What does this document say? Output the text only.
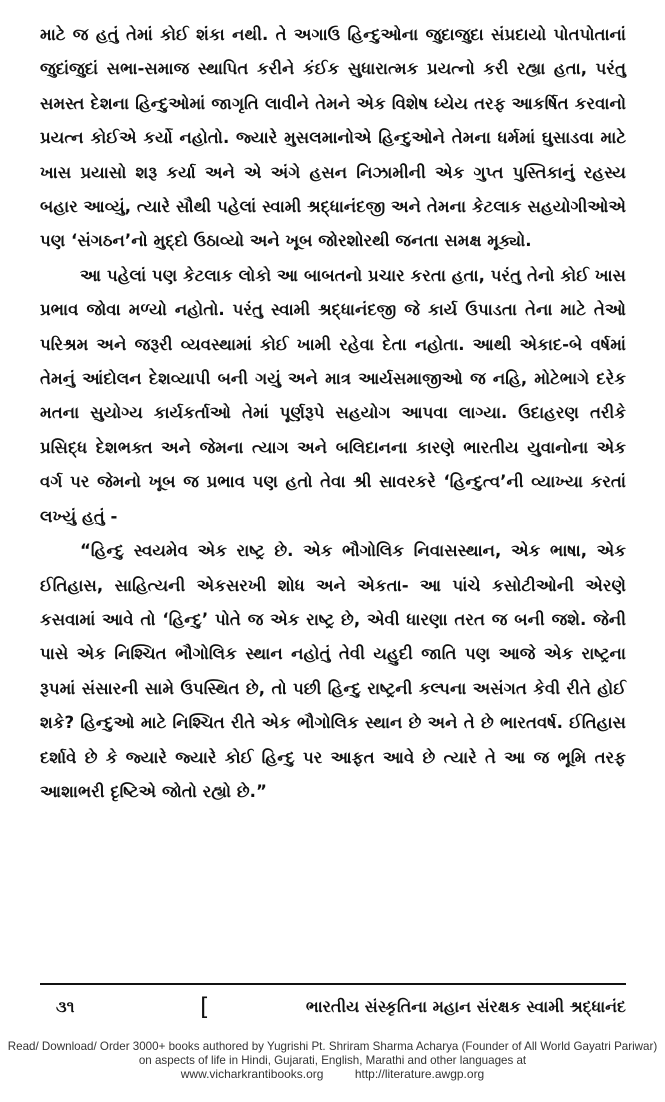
માટે જ હતું તેમાં કોઈ શંકા નથી. તે અગાઉ હિન્દુઓના જુદાજુદા સંપ્રદાયો પોતપોતાનાં જુદાંજુદાં સભા-સમાજ સ્થાપિત કરીને કંઈક સુધારાત્મક પ્રયત્નો કરી રહ્યા હતા, પરંતુ સમસ્ત દેશના હિન્દુઓમાં જાગૃતિ લાવીને તેમને એક વિશેષ ધ્યેય તરફ આકર્ષિત કરવાનો પ્રયત્ન કોઈએ કર્યો નહોતો. જ્યારે મુસલમાનોએ હિન્દુઓને તેમના ધર્મમાં ઘુસાડવા માટે ખાસ પ્રયાસો શરૂ કર્યા અને એ અંગે હસન નિઝામીની એક ગુપ્ત પુસ્તિકાનું રહસ્ય બહાર આવ્યું, ત્યારે સૌથી પહેલાં સ્વામી શ્રદ્ધાનંદજી અને તેમના કેટલાક સહયોગીઓએ પણ ‘સંગઠન’નો મુદ્દો ઉઠાવ્યો અને ખૂબ જોરશોરથી જનતા સમક્ષ મૂક્યો.

આ પહેલાં પણ કેટલાક લોકો આ બાબતનો પ્રચાર કરતા હતા, પરંતુ તેનો કોઈ ખાસ પ્રભાવ જોવા મળ્યો નહોતો. પરંતુ સ્વામી શ્રદ્ધાનંદજી જે કાર્ય ઉપાડતા તેના માટે તેઓ પરિશ્રમ અને જરૂરી વ્યવસ્થામાં કોઈ ખામી રહેવા દેતા નહોતા. આથી એકાદ-બે વર્ષમાં તેમનું આંદોલન દેશવ્યાપી બની ગયું અને માત્ર આર્યસમાજીઓ જ નહિ, મોટેભાગે દરેક મતના સુયોગ્ય કાર્યકર્તાઓ તેમાં પૂર્ણરૂપે સહયોગ આપવા લાગ્યા. ઉદાહરણ તરીકે પ્રસિદ્ધ દેશભક્ત અને જેમના ત્યાગ અને બલિદાનના કારણે ભારતીય યુવાનોના એક વર્ગ પર જેમનો ખૂબ જ પ્રભાવ પણ હતો તેવા શ્રી સાવરકરે ‘હિન્દુત્વ’ની વ્યાખ્યા કરતાં લખ્યું હતું -

“હિન્દુ સ્વયમેવ એક રાષ્ટ્ર છે. એક ભૌગોલિક નિવાસસ્થાન, એક ભાષા, એક ઈતિહાસ, સાહિત્યની એકસરખી શોધ અને એકતા- આ પાંચે કસોટીઓની એરણે કસવામાં આવે તો ‘હિન્દુ’ પોતે જ એક રાષ્ટ્ર છે, એવી ધારણા તરત જ બની જશે. જેની પાસે એક નિશ્ચિત ભૌગોલિક સ્થાન નહોતું તેવી યહુદી જાતિ પણ આજે એક રાષ્ટ્રના રૂપમાં સંસારની સામે ઉપસ્થિત છે, તો પછી હિન્દુ રાષ્ટ્રની કલ્પના અસંગત કેવી રીતે હોઈ શકે? હિન્દુઓ માટે નિશ્ચિત રીતે એક ભૌગોલિક સ્થાન છે અને તે છે ભારતવર્ષ. ઈતિહાસ દર્શાવે છે કે જ્યારે જ્યારે કોઈ હિન્દુ પર આફત આવે છે ત્યારે તે આ જ ભૂમિ તરફ આશાભરી દૃષ્ટિએ જોતો રહ્યો છે.”

૩૧	[	ભારતીય સંસ્કૃતિના મહાન સંરક્ષક સ્વામી શ્રદ્ધાનંદ
Read/ Download/ Order 3000+ books authored by Yugrishi Pt. Shriram Sharma Acharya (Founder of All World Gayatri Pariwar) on aspects of life in Hindi, Gujarati, English, Marathi and other languages at
www.vicharkrantibooks.org	http://literature.awgp.org
